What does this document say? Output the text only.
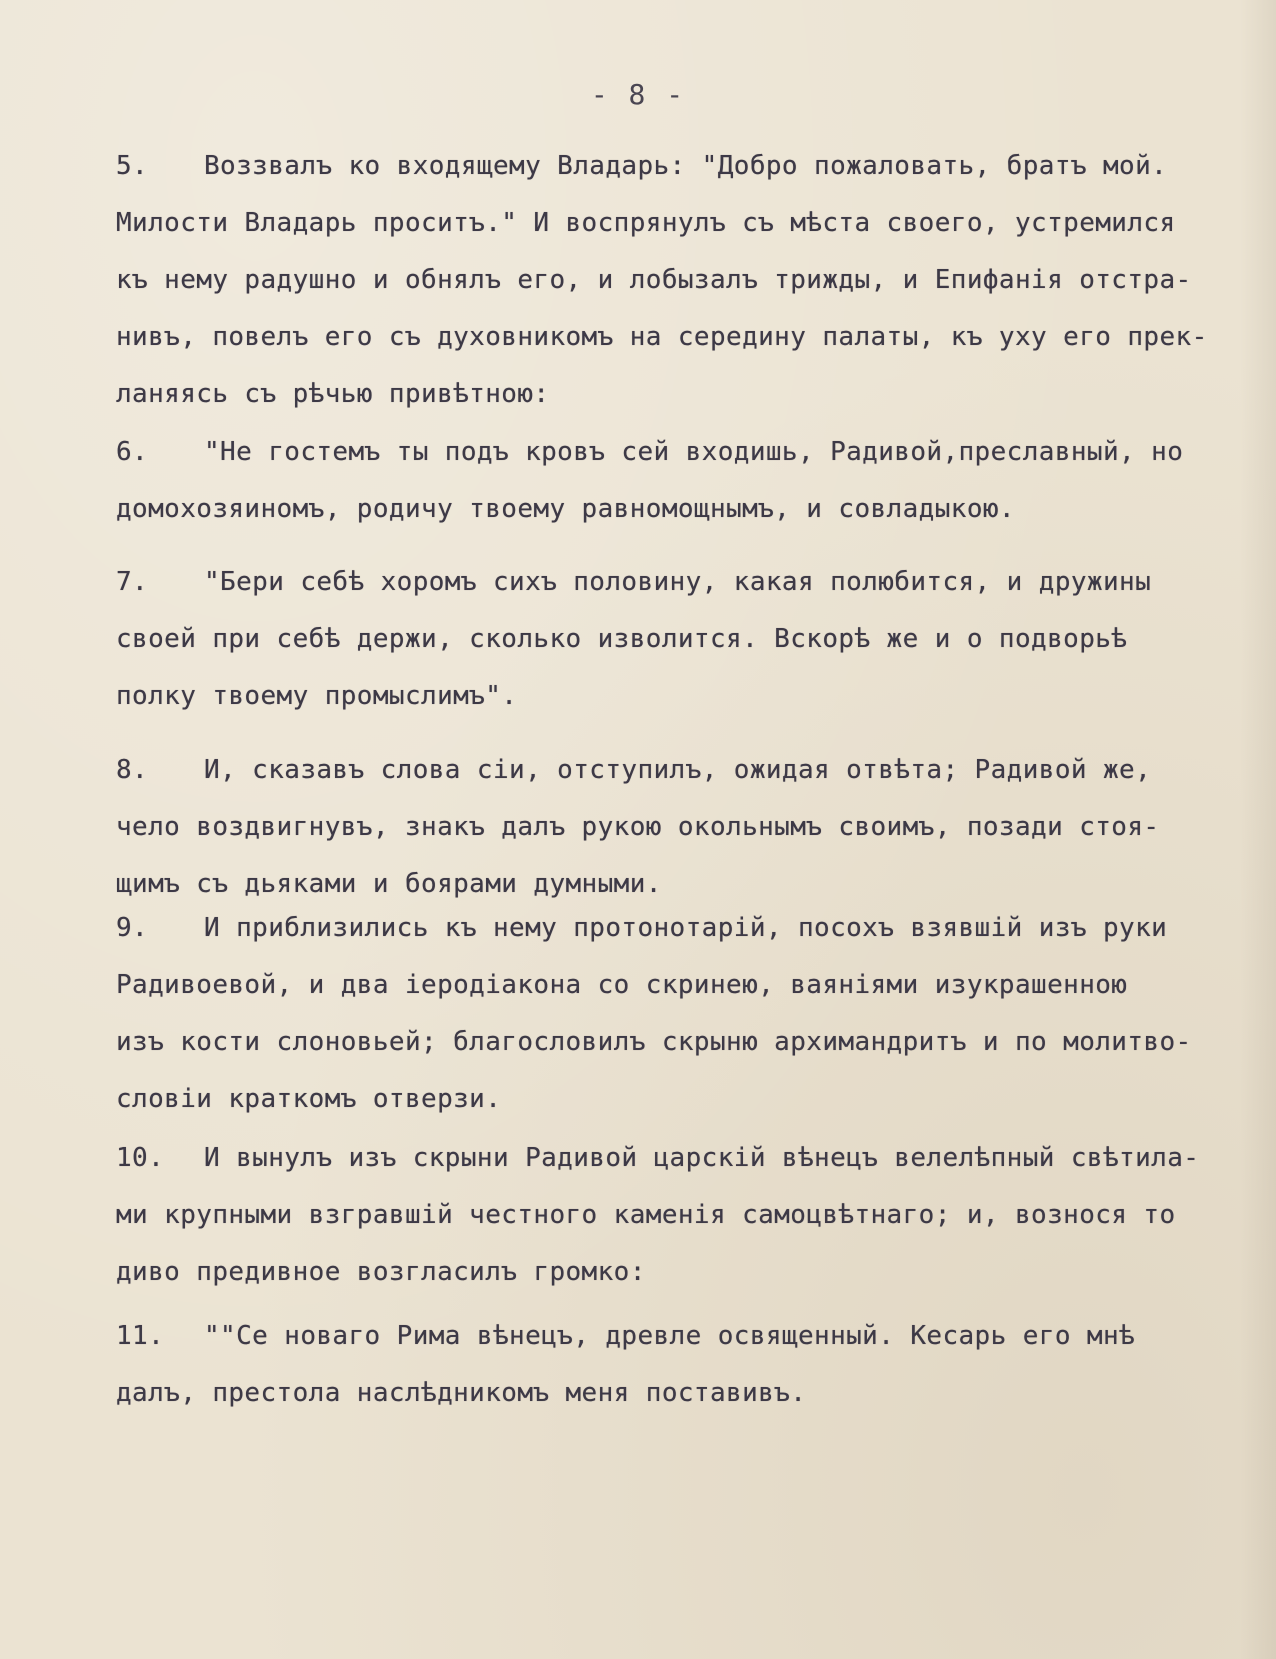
- 8 -
5. Воззвалъ ко входящему Владарь: "Добро пожаловать, братъ мой.
Милости Владарь проситъ." И воспрянулъ съ мѣста своего, устремился
къ нему радушно и обнялъ его, и лобызалъ трижды, и Епифанія отстра-
нивъ, повелъ его съ духовникомъ на середину палаты, къ уху его прек-
ланяясь съ рѣчью привѣтною:
6. "Не гостемъ ты подъ кровъ сей входишь, Радивой,преславный, но
домохозяиномъ, родичу твоему равномощнымъ, и совладыкою.
7. "Бери себѣ хоромъ сихъ половину, какая полюбится, и дружины
своей при себѣ держи, сколько изволится. Вскорѣ же и о подворьѣ
полку твоему промыслимъ".
8. И, сказавъ слова сіи, отступилъ, ожидая отвѣта; Радивой же,
чело воздвигнувъ, знакъ далъ рукою окольнымъ своимъ, позади стоя-
щимъ съ дьяками и боярами думными.
9. И приблизились къ нему протонотарій, посохъ взявшій изъ руки
Радивоевой, и два іеродіакона со скринею, ваяніями изукрашенною
изъ кости слоновьей; благословилъ скрыню архимандритъ и по молитво-
словіи краткомъ отверзи.
10. И вынулъ изъ скрыни Радивой царскій вѣнецъ велелѣпный свѣтила-
ми крупными взгравшій честного каменія самоцвѣтнаго; и, вознося то
диво предивное возгласилъ громко:
11. ""Се новаго Рима вѣнецъ, древле освященный. Кесарь его мнѣ
далъ, престола наслѣдникомъ меня поставивъ.
